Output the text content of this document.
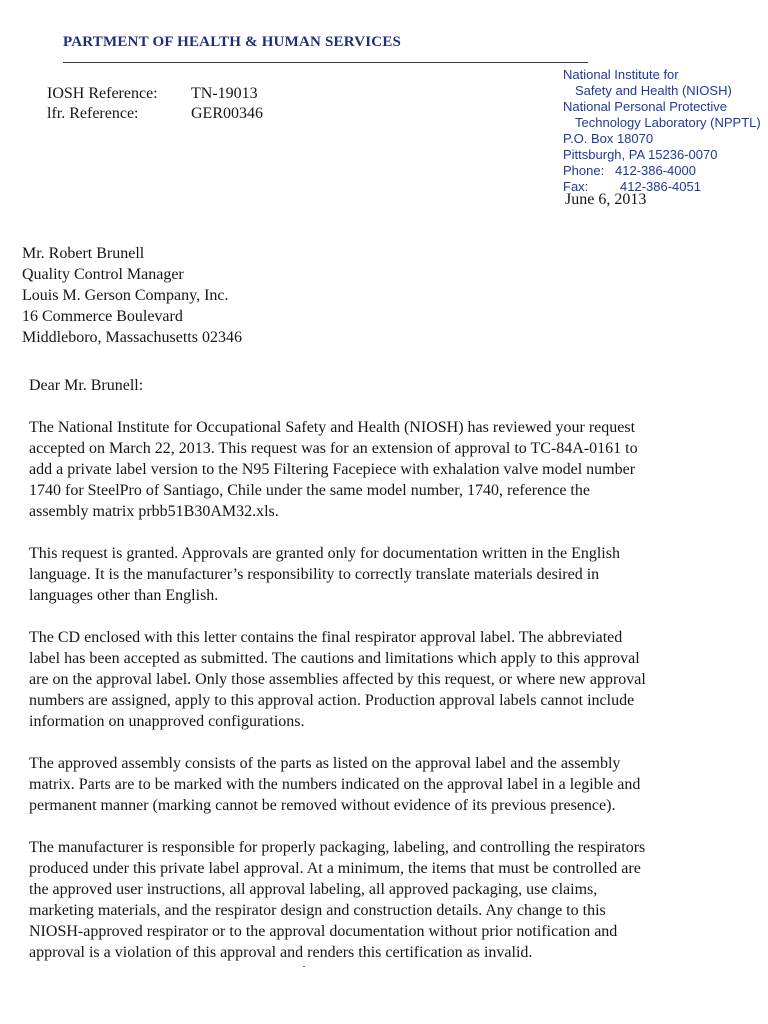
PARTMENT OF HEALTH & HUMAN SERVICES
IOSH Reference:	TN-19013
lfr. Reference:	GER00346
National Institute for
Safety and Health (NIOSH)
National Personal Protective
Technology Laboratory (NPPTL)
P.O. Box 18070
Pittsburgh, PA 15236-0070
Phone: 412-386-4000
Fax:	412-386-4051
June 6, 2013
Mr. Robert Brunell
Quality Control Manager
Louis M. Gerson Company, Inc.
16 Commerce Boulevard
Middleboro, Massachusetts 02346

Dear Mr. Brunell:

The National Institute for Occupational Safety and Health (NIOSH) has reviewed your request
accepted on March 22, 2013. This request was for an extension of approval to TC-84A-0161 to
add a private label version to the N95 Filtering Facepiece with exhalation valve model number
1740 for SteelPro of Santiago, Chile under the same model number, 1740, reference the
assembly matrix prbb51B30AM32.xls.

This request is granted. Approvals are granted only for documentation written in the English
language. It is the manufacturer’s responsibility to correctly translate materials desired in
languages other than English.

The CD enclosed with this letter contains the final respirator approval label. The abbreviated
label has been accepted as submitted. The cautions and limitations which apply to this approval
are on the approval label. Only those assemblies affected by this request, or where new approval
numbers are assigned, apply to this approval action. Production approval labels cannot include
information on unapproved configurations.

The approved assembly consists of the parts as listed on the approval label and the assembly
matrix. Parts are to be marked with the numbers indicated on the approval label in a legible and
permanent manner (marking cannot be removed without evidence of its previous presence).

The manufacturer is responsible for properly packaging, labeling, and controlling the respirators
produced under this private label approval. At a minimum, the items that must be controlled are
the approved user instructions, all approval labeling, all approved packaging, use claims,
marketing materials, and the respirator design and construction details. Any change to this
NIOSH-approved respirator or to the approval documentation without prior notification and
approval is a violation of this approval and renders this certification as invalid.
